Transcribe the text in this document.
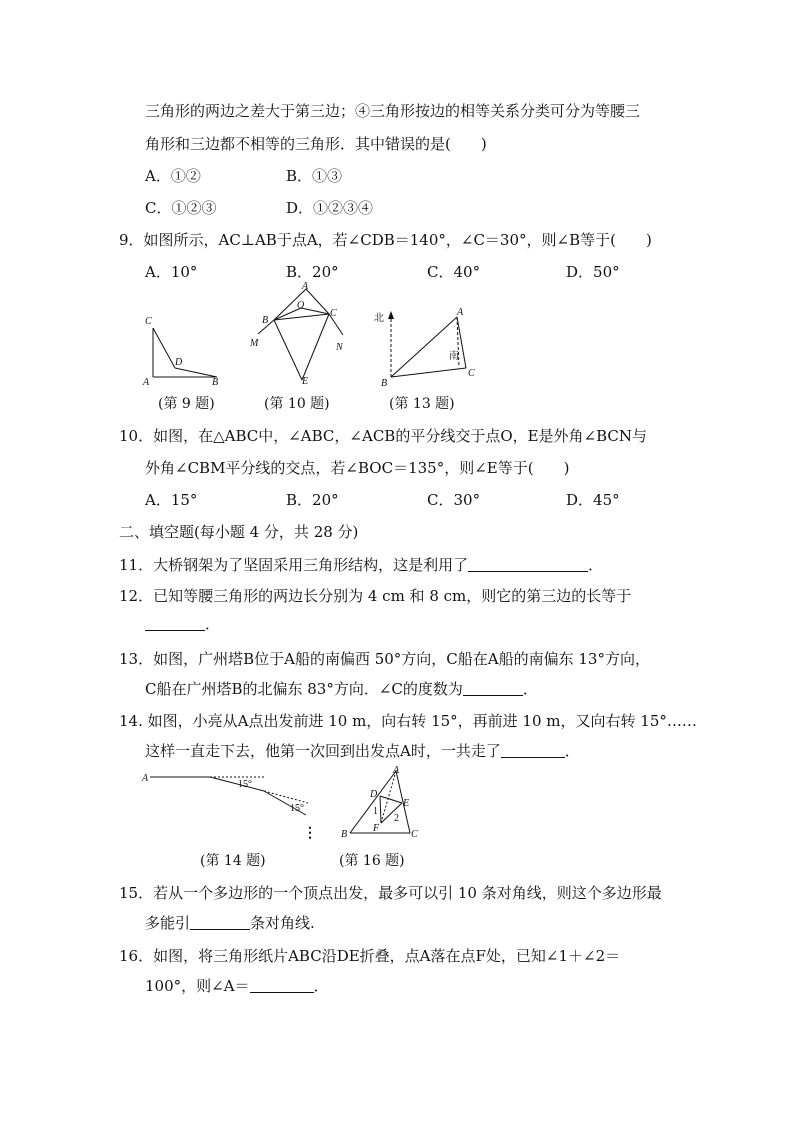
三角形的两边之差大于第三边；④三角形按边的相等关系分类可分为等腰三
角形和三边都不相等的三角形．其中错误的是(　　)
A．①②	B．①③
C．①②③	D．①②③④
9．如图所示，AC⊥AB于点A，若∠CDB＝140°，∠C＝30°，则∠B等于(　　)
A．10°	B．20°	C．40°	D．50°
C
D
A	B
A
O
B
C
M	N
E
北
A
南
B
C
(第 9 题)	(第 10 题)	(第 13 题)
10．如图，在△ABC中，∠ABC，∠ACB的平分线交于点O，E是外角∠BCN与
外角∠CBM平分线的交点，若∠BOC＝135°，则∠E等于(　　)
A．15°	B．20°	C．30°	D．45°
二、填空题(每小题 4 分，共 28 分)
11．大桥钢架为了坚固采用三角形结构，这是利用了	．
12．已知等腰三角形的两边长分别为 4 cm 和 8 cm，则它的第三边的长等于
．
13．如图，广州塔B位于A船的南偏西 50°方向，C船在A船的南偏东 13°方向，
C船在广州塔B的北偏东 83°方向．∠C的度数为	．
14. 如图，小亮从A点出发前进 10 m，向右转 15°，再前进 10 m，又向右转 15°……
这样一直走下去，他第一次回到出发点A时，一共走了	．
A
15°
15°
⋮
A
D
E
1
2
F
B	C
(第 14 题)	(第 16 题)
15．若从一个多边形的一个顶点出发，最多可以引 10 条对角线，则这个多边形最
多能引	条对角线.
16．如图，将三角形纸片ABC沿DE折叠，点A落在点F处，已知∠1＋∠2＝
100°，则∠A＝	．
